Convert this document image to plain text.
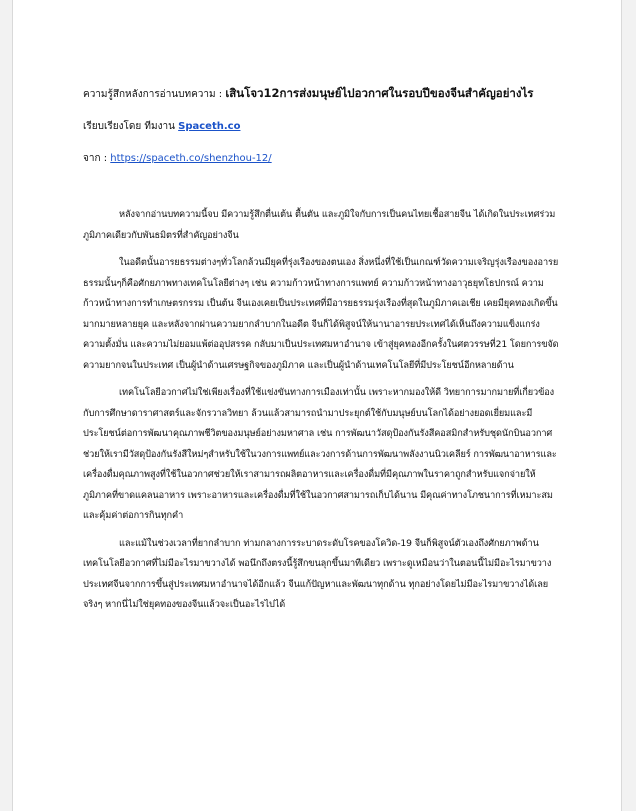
ความรู้สึกหลังการอ่านบทความ : เสินโจว12การส่งมนุษย์ไปอวกาศในรอบปีของจีนสำคัญอย่างไร
เรียบเรียงโดย ทีมงาน Spaceth.co
จาก : https://spaceth.co/shenzhou-12/

หลังจากอ่านบทความนี้จบ มีความรู้สึกตื่นเต้น ตื้นตัน และภูมิใจกับการเป็นคนไทยเชื้อสายจีน ได้เกิดในประเทศร่วมภูมิภาคเดียวกับพันธมิตรที่สำคัญอย่างจีน

ในอดีตนั้นอารยธรรมต่างๆทั่วโลกล้วนมียุคที่รุ่งเรืองของตนเอง สิ่งหนึ่งที่ใช้เป็นเกณฑ์วัดความเจริญรุ่งเรืองของอารยธรรมนั้นๆก็คือศักยภาพทางเทคโนโลยีต่างๆ เช่น ความก้าวหน้าทางการแพทย์ ความก้าวหน้าทางอาวุธยุทโธปกรณ์ ความก้าวหน้าทางการทำเกษตรกรรม เป็นต้น จีนเองเคยเป็นประเทศที่มีอารยธรรมรุ่งเรืองที่สุดในภูมิภาคเอเชีย เคยมียุคทองเกิดขึ้นมากมายหลายยุค และหลังจากผ่านความยากลำบากในอดีต จีนก็ได้พิสูจน์ให้นานาอารยประเทศได้เห็นถึงความแข็งแกร่ง ความตั้งมั่น และความไม่ยอมแพ้ต่ออุปสรรค กลับมาเป็นประเทศมหาอำนาจ เข้าสู่ยุคทองอีกครั้งในศตวรรษที่21 โดยการขจัดความยากจนในประเทศ เป็นผู้นำด้านเศรษฐกิจของภูมิภาค และเป็นผู้นำด้านเทคโนโลยีที่มีประโยชน์อีกหลายด้าน

เทคโนโลยีอวกาศไม่ใช่เพียงเรื่องที่ใช้แข่งขันทางการเมืองเท่านั้น เพราะหากมองให้ดี วิทยาการมากมายที่เกี่ยวข้องกับการศึกษาดาราศาสตร์และจักรวาลวิทยา ล้วนแล้วสามารถนำมาประยุกต์ใช้กับมนุษย์บนโลกได้อย่างยอดเยี่ยมและมีประโยชน์ต่อการพัฒนาคุณภาพชีวิตของมนุษย์อย่างมหาศาล เช่น การพัฒนาวัสดุป้องกันรังสีคอสมิกสำหรับชุดนักบินอวกาศช่วยให้เรามีวัสดุป้องกันรังสีใหม่ๆสำหรับใช้ในวงการแพทย์และวงการด้านการพัฒนาพลังงานนิวเคลียร์ การพัฒนาอาหารและเครื่องดื่มคุณภาพสูงที่ใช้ในอวกาศช่วยให้เราสามารถผลิตอาหารและเครื่องดื่มที่มีคุณภาพในราคาถูกสำหรับแจกจ่ายให้ภูมิภาคที่ขาดแคลนอาหาร เพราะอาหารและเครื่องดื่มที่ใช้ในอวกาศสามารถเก็บได้นาน มีคุณค่าทางโภชนาการที่เหมาะสม และคุ้มค่าต่อการกินทุกคำ

และแม้ในช่วงเวลาที่ยากลำบาก ท่ามกลางการระบาดระดับโรคของโควิด-19 จีนก็พิสูจน์ตัวเองถึงศักยภาพด้านเทคโนโลยีอวกาศที่ไม่มีอะไรมาขวางได้ พอนึกถึงตรงนี้รู้สึกขนลุกขึ้นมาทีเดียว เพราะดูเหมือนว่าในตอนนี้ไม่มีอะไรมาขวางประเทศจีนจากการขึ้นสู่ประเทศมหาอำนาจได้อีกแล้ว จีนแก้ปัญหาและพัฒนาทุกด้าน ทุกอย่างโดยไม่มีอะไรมาขวางได้เลยจริงๆ หากนี่ไม่ใช่ยุคทองของจีนแล้วจะเป็นอะไรไปได้
